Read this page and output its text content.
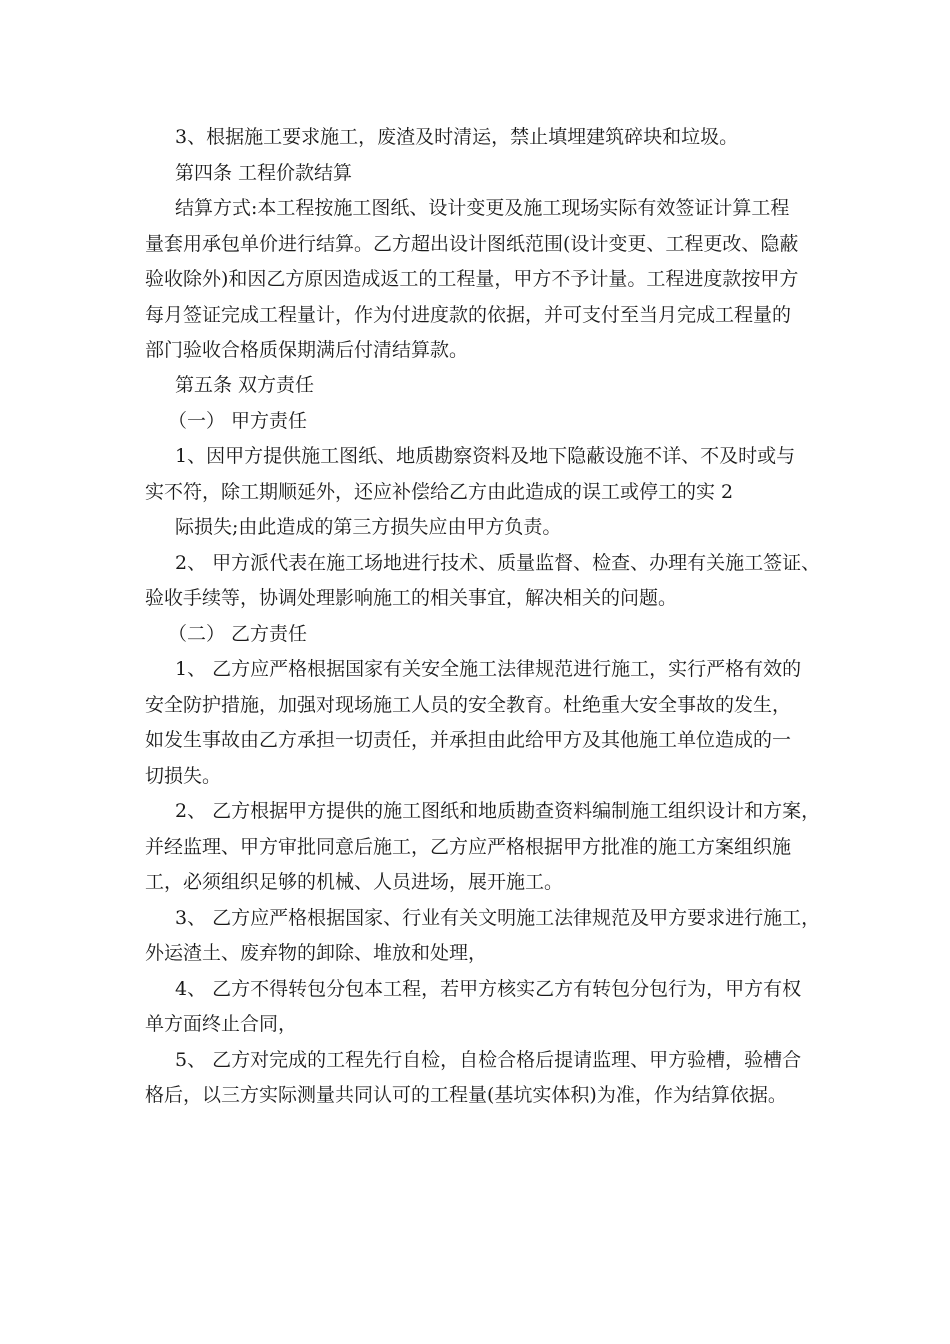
3、根据施工要求施工，废渣及时清运，禁止填埋建筑碎块和垃圾。
第四条 工程价款结算
结算方式:本工程按施工图纸、设计变更及施工现场实际有效签证计算工程
量套用承包单价进行结算。乙方超出设计图纸范围(设计变更、工程更改、隐蔽
验收除外)和因乙方原因造成返工的工程量，甲方不予计量。工程进度款按甲方
每月签证完成工程量计，作为付进度款的依据，并可支付至当月完成工程量的
部门验收合格质保期满后付清结算款。
第五条 双方责任
（一） 甲方责任
1、因甲方提供施工图纸、地质勘察资料及地下隐蔽设施不详、不及时或与
实不符，除工期顺延外，还应补偿给乙方由此造成的误工或停工的实 2
际损失;由此造成的第三方损失应由甲方负责。
2、 甲方派代表在施工场地进行技术、质量监督、检查、办理有关施工签证、
验收手续等，协调处理影响施工的相关事宜，解决相关的问题。
（二） 乙方责任
1、 乙方应严格根据国家有关安全施工法律规范进行施工，实行严格有效的
安全防护措施，加强对现场施工人员的安全教育。杜绝重大安全事故的发生，
如发生事故由乙方承担一切责任，并承担由此给甲方及其他施工单位造成的一
切损失。
2、 乙方根据甲方提供的施工图纸和地质勘查资料编制施工组织设计和方案，
并经监理、甲方审批同意后施工，乙方应严格根据甲方批准的施工方案组织施
工，必须组织足够的机械、人员进场，展开施工。
3、 乙方应严格根据国家、行业有关文明施工法律规范及甲方要求进行施工，
外运渣土、废弃物的卸除、堆放和处理，
4、 乙方不得转包分包本工程，若甲方核实乙方有转包分包行为，甲方有权
单方面终止合同，
5、 乙方对完成的工程先行自检，自检合格后提请监理、甲方验槽，验槽合
格后，以三方实际测量共同认可的工程量(基坑实体积)为准，作为结算依据。
